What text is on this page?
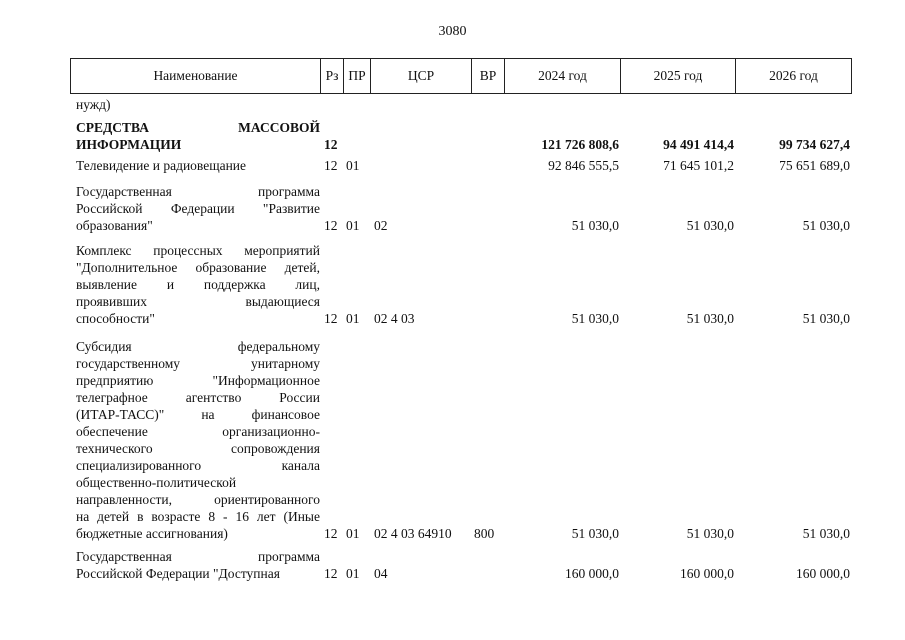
3080
Наименование	Рз ПР	ЦСР	ВР	2024 год	2025 год	2026 год
нужд)
СРЕДСТВА МАССОВОЙ
ИНФОРМАЦИИ	12	121 726 808,6	94 491 414,4	99 734 627,4
Телевидение и радиовещание	12 01	92 846 555,5	71 645 101,2	75 651 689,0
Государственная программа
Российской Федерации "Развитие
образования"	12 01 02	51 030,0	51 030,0	51 030,0
Комплекс процессных мероприятий
"Дополнительное образование детей,
выявление и поддержка лиц,
проявивших выдающиеся
способности"	12 01 02 4 03	51 030,0	51 030,0	51 030,0
Субсидия федеральному
государственному унитарному
предприятию "Информационное
телеграфное агентство России
(ИТАР-ТАСС)" на финансовое
обеспечение организационно-
технического сопровождения
специализированного канала
общественно-политической
направленности, ориентированного
на детей в возрасте 8 - 16 лет (Иные
бюджетные ассигнования)	12 01 02 4 03 64910 800	51 030,0	51 030,0	51 030,0
Государственная программа
Российской Федерации "Доступная	12 01 04	160 000,0	160 000,0	160 000,0
